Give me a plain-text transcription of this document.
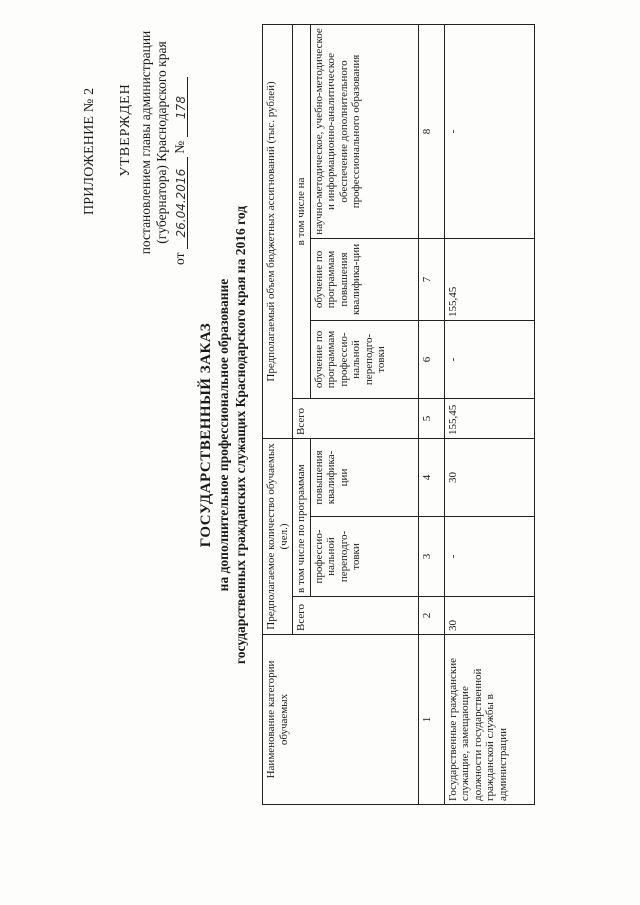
ПРИЛОЖЕНИЕ № 2 УТВЕРЖДЕН постановлением главы администрации (губернатора) Краснодарского края
от 26.04.2016 № 178
ГОСУДАРСТВЕННЫЙ ЗАКАЗ на дополнительное профессиональное образование государственных гражданских служащих Краснодарского края на 2016 год
Наименование категории обучаемых	Предполагаемое количество обучаемых (чел.)			Предполагаемый объем бюджетных ассигнований (тыс. рублей)			
	Всего	в том числе по программам		Всего	в том числе на		
		профессио-нальной переподго-товки	повышения квалифика-ции		обучение по программам профессио-нальной переподго-товки	обучение по программам повышения квалифика-ции	научно-методическое, учебно-методическое и информационно-аналитическое обеспечение дополнительного профессионального образования
1	2	3	4	5	6	7	8
Государственные гражданские служащие, замещающие должности государственной гражданской службы в администрации	30	-	30	155,45	-	155,45	-
